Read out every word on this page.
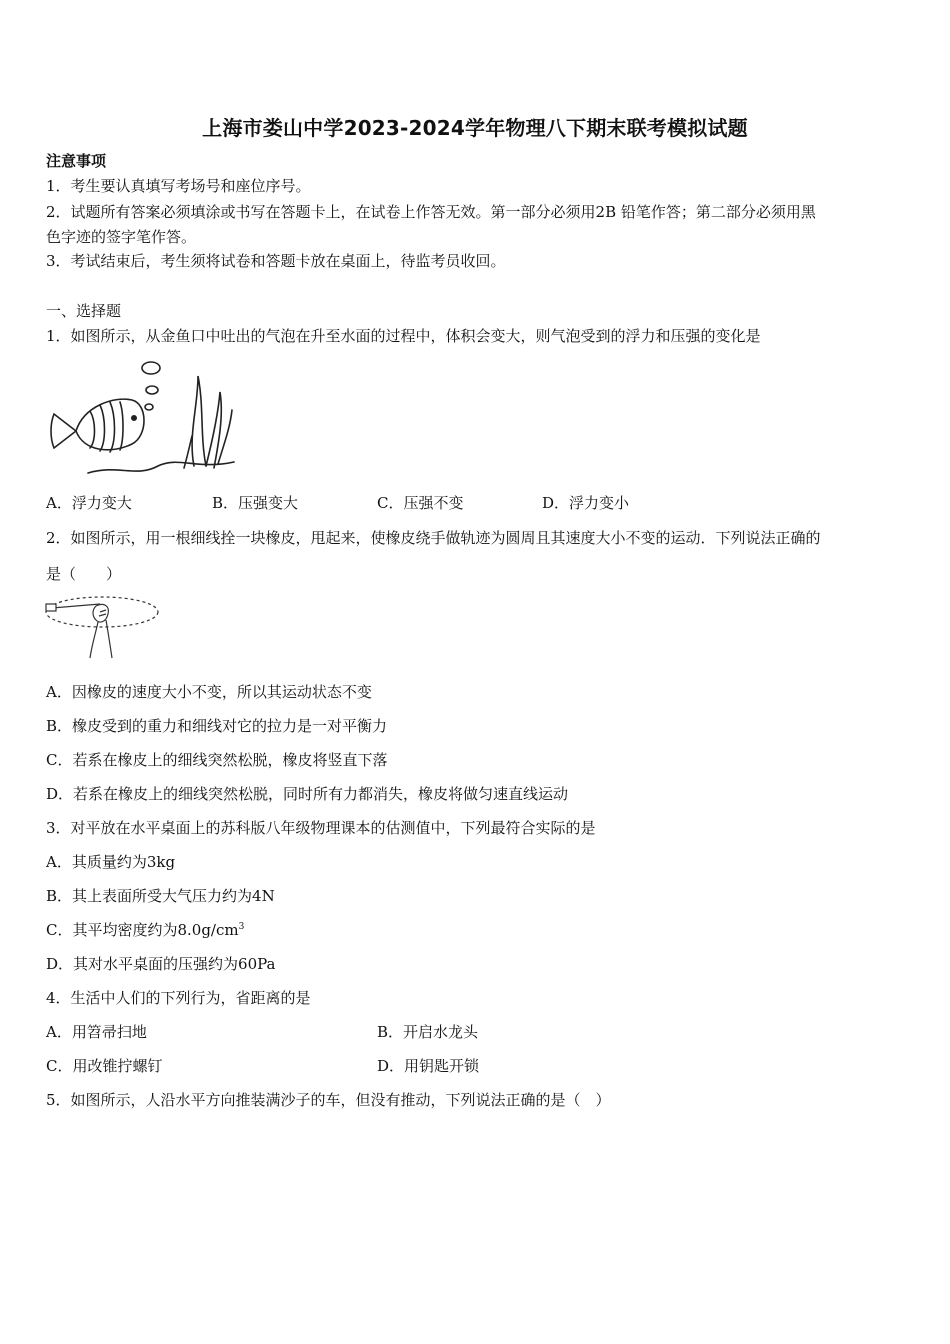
上海市娄山中学2023-2024学年物理八下期末联考模拟试题
注意事项
1．考生要认真填写考场号和座位序号。
2．试题所有答案必须填涂或书写在答题卡上，在试卷上作答无效。第一部分必须用2B 铅笔作答；第二部分必须用黑
色字迹的签字笔作答。
3．考试结束后，考生须将试卷和答题卡放在桌面上，待监考员收回。
一、选择题
1．如图所示，从金鱼口中吐出的气泡在升至水面的过程中，体积会变大，则气泡受到的浮力和压强的变化是
A．浮力变大	B．压强变大	C．压强不变	D．浮力变小
2．如图所示，用一根细线拴一块橡皮，甩起来，使橡皮绕手做轨迹为圆周且其速度大小不变的运动．下列说法正确的
是（　　）
A．因橡皮的速度大小不变，所以其运动状态不变
B．橡皮受到的重力和细线对它的拉力是一对平衡力
C．若系在橡皮上的细线突然松脱，橡皮将竖直下落
D．若系在橡皮上的细线突然松脱，同时所有力都消失，橡皮将做匀速直线运动
3．对平放在水平桌面上的苏科版八年级物理课本的估测值中，下列最符合实际的是
A．其质量约为3kg
B．其上表面所受大气压力约为4N
C．其平均密度约为$8.0g/cm^3$
D．其对水平桌面的压强约为60Pa
4．生活中人们的下列行为，省距离的是
A．用笤帚扫地	B．开启水龙头
C．用改锥拧螺钉	D．用钥匙开锁
5．如图所示，人沿水平方向推装满沙子的车，但没有推动，下列说法正确的是（　）
